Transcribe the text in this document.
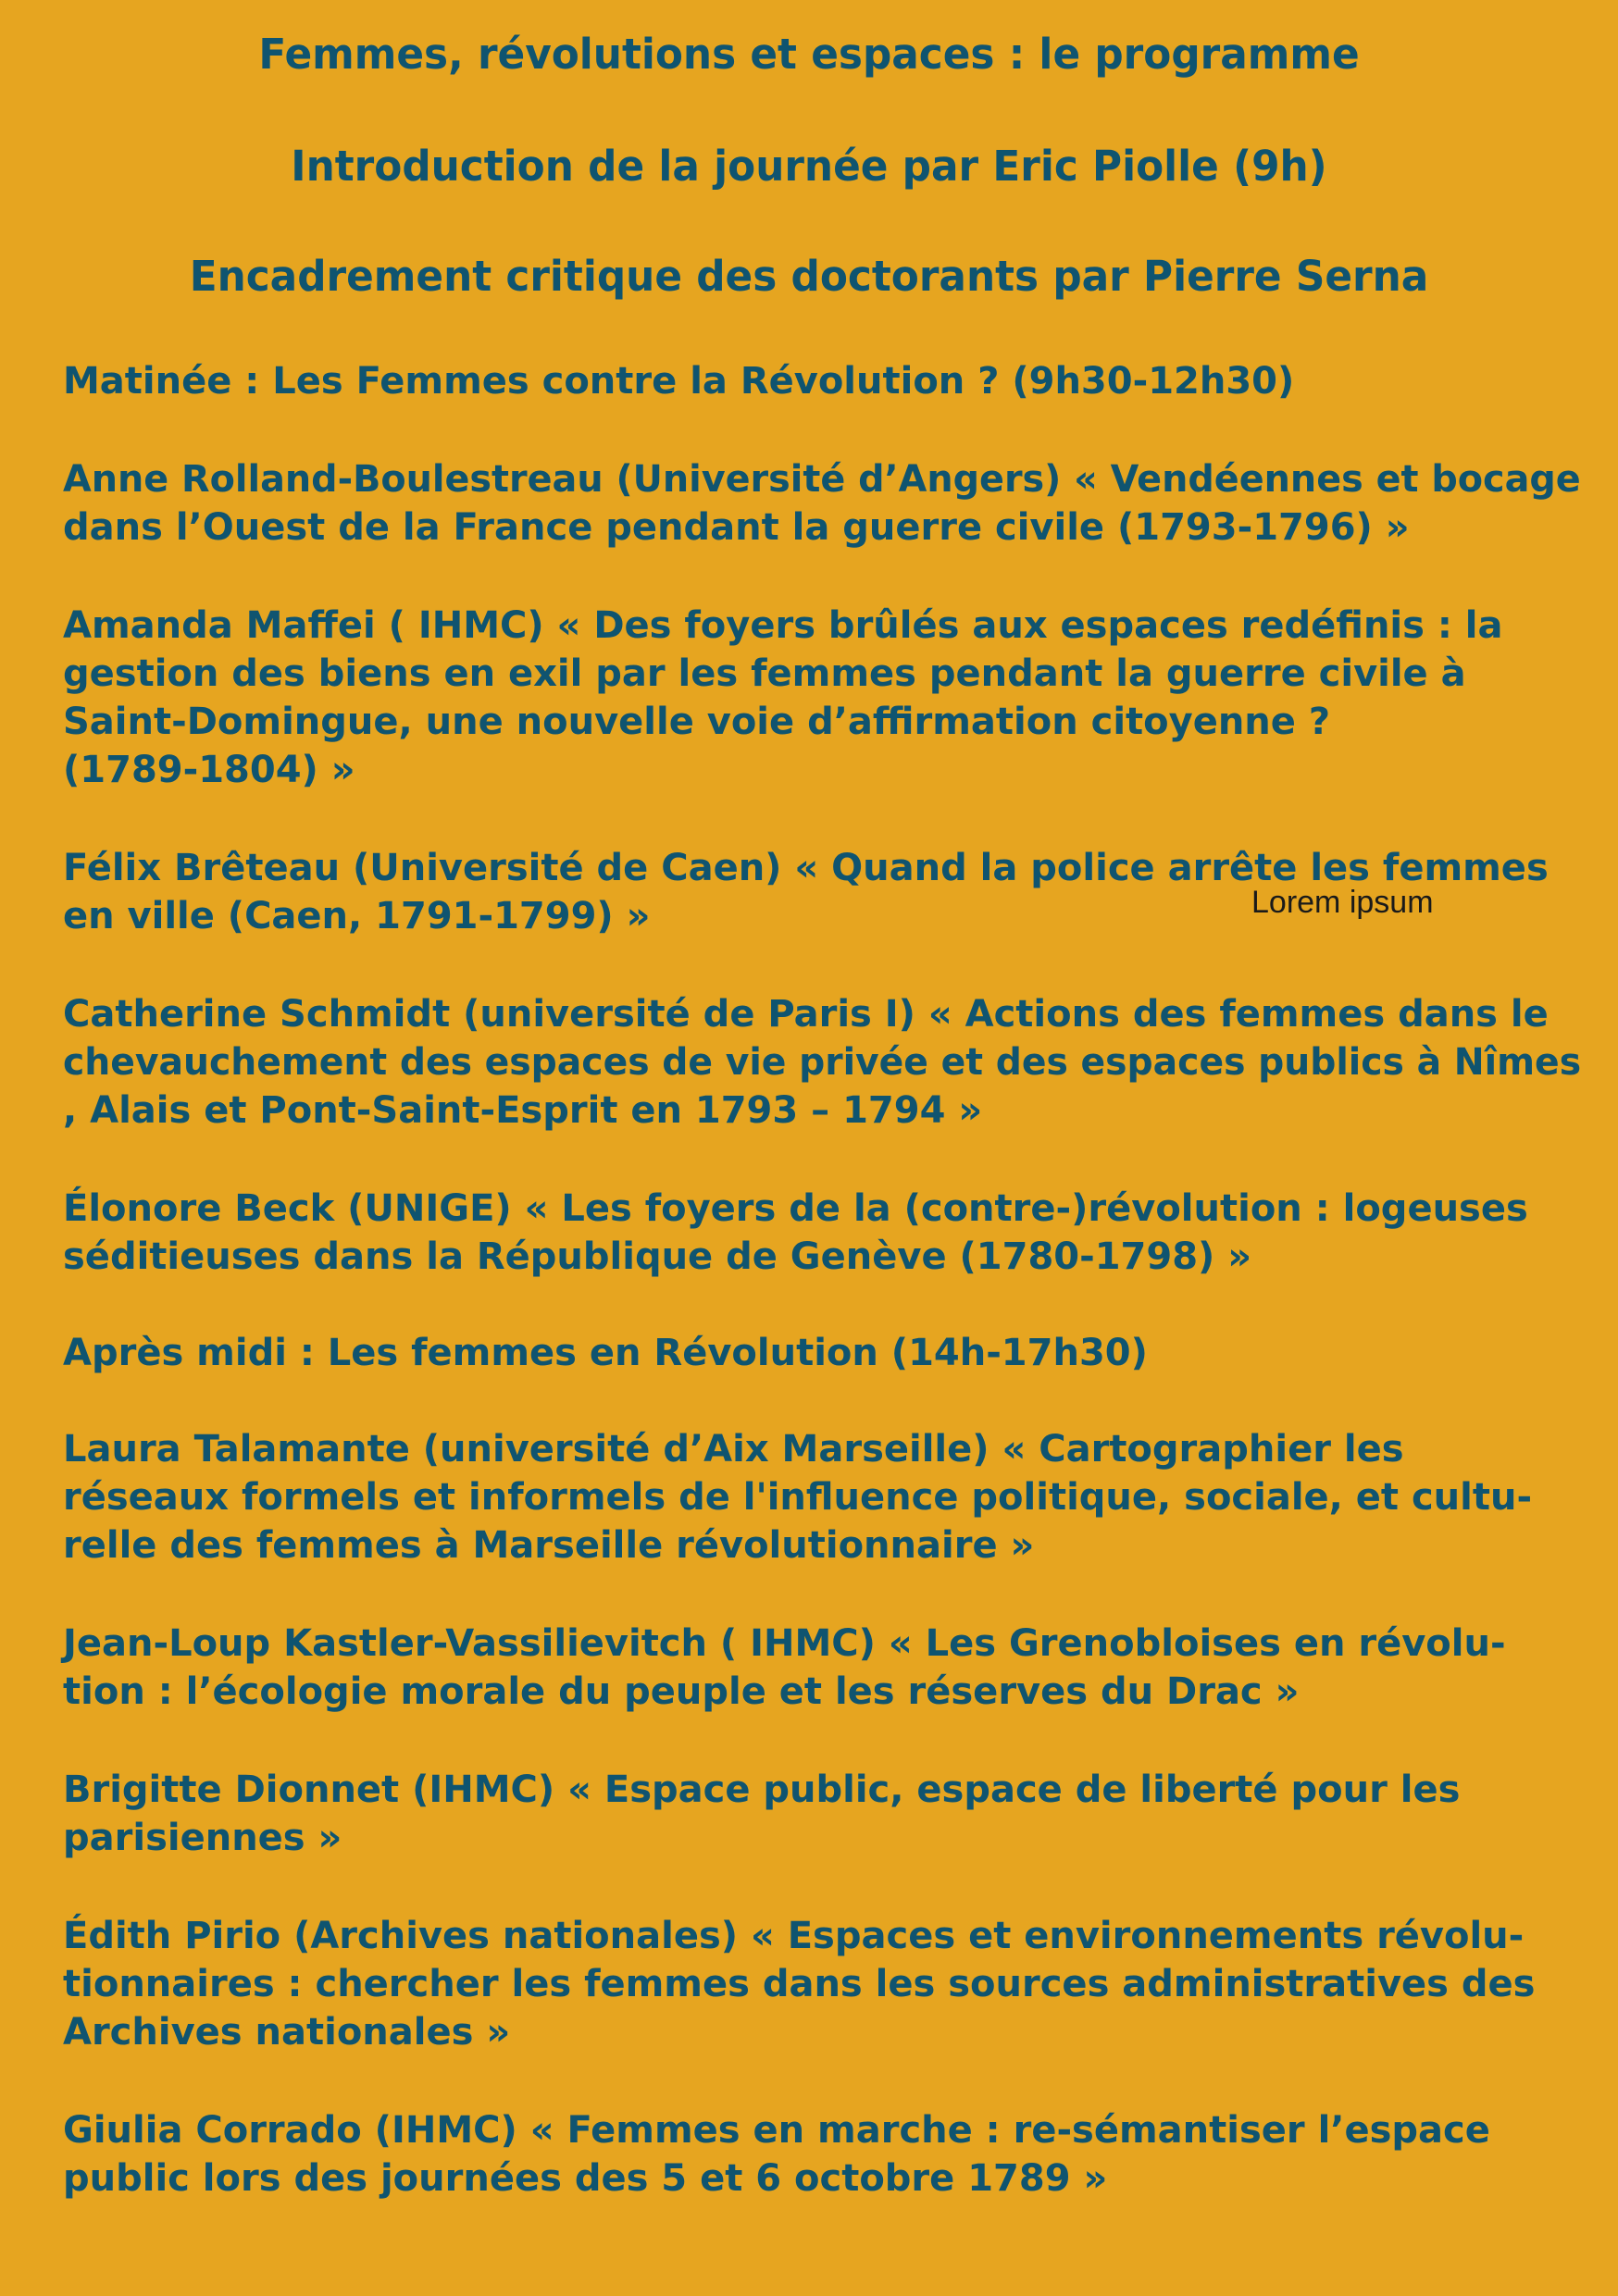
Femmes, révolutions et espaces : le programme
Introduction de la journée par Eric Piolle (9h)
Encadrement critique des doctorants par Pierre Serna
Matinée : Les Femmes contre la Révolution ? (9h30-12h30)
Anne Rolland-Boulestreau (Université d’Angers) « Vendéennes et bocage
dans l’Ouest de la France pendant la guerre civile (1793-1796) »
Amanda Maffei ( IHMC) « Des foyers brûlés aux espaces redéfinis : la
gestion des biens en exil par les femmes pendant la guerre civile à
Saint-Domingue, une nouvelle voie d’affirmation citoyenne ?
(1789-1804) »
Félix Brêteau (Université de Caen) « Quand la police arrête les femmes
en ville (Caen, 1791-1799) »	Lorem ipsum
Catherine Schmidt (université de Paris I) « Actions des femmes dans le
chevauchement des espaces de vie privée et des espaces publics à Nîmes
, Alais et Pont-Saint-Esprit en 1793 – 1794 »
Élonore Beck (UNIGE) « Les foyers de la (contre-)révolution : logeuses
séditieuses dans la République de Genève (1780-1798) »
Après midi : Les femmes en Révolution (14h-17h30)
Laura Talamante (université d’Aix Marseille) « Cartographier les
réseaux formels et informels de l'influence politique, sociale, et cultu-
relle des femmes à Marseille révolutionnaire »
Jean-Loup Kastler-Vassilievitch ( IHMC) « Les Grenobloises en révolu-
tion : l’écologie morale du peuple et les réserves du Drac »
Brigitte Dionnet (IHMC) « Espace public, espace de liberté pour les
parisiennes »
Édith Pirio (Archives nationales) « Espaces et environnements révolu-
tionnaires : chercher les femmes dans les sources administratives des
Archives nationales »
Giulia Corrado (IHMC) « Femmes en marche : re-sémantiser l’espace
public lors des journées des 5 et 6 octobre 1789 »
